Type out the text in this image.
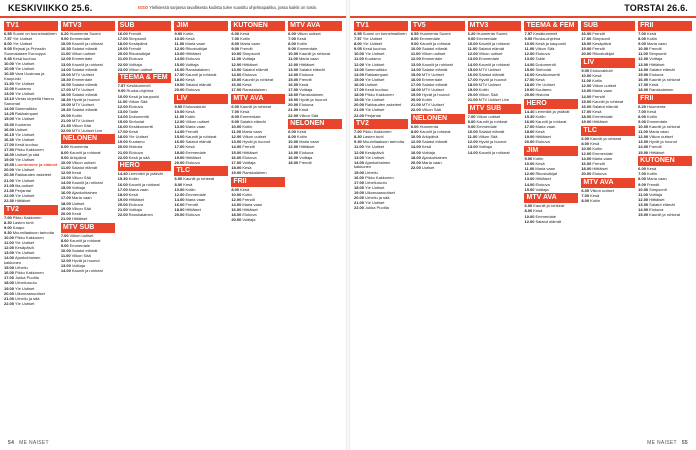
KESKIVIIKKO 25.6.	ISSO Ylellisessä sarjassa tavallisesta kodista tulee suosittu ohjelmapaikka, jossa kaikki on toisin.
TV1
6.55Suomi on tunnelmallinen
7.57Yle Uutiset
8.00Yle Uutiset
9.05Rejmai ja Prinssiin Suomalaisen Eurooppa
9.45Kesä kuohuu
10.00Yle Uutiset
10.05Yle Uutiset
10.30Vara Uusimaa ja Kaupunki
11.30Yle Uutiset
12.00Kuutamo
13.00Yle Uutiset
13.10Vieras kirjeellä Hannu Sanomat
14.00Sammalikko
14.25Rakkaimpani
15.00Yle Uutiset
15.30Kuutamo
16.00Uutiset
16.15Yle Uutiset
16.30Yle Uutiset
17.00Kesä kuohuu
17.50Pikku Kakkonen
18.30Uutiset ja sää
19.00Yle Uutiset
19.35Luontomme ja eläimet
20.00Yle Uutiset
20.30Rakkauden askeleet
21.00Yle Uutiset
21.05Ilta-uutiset
21.30Perjantai
22.00Yle Uutiset
22.30Hittiäiset
TV2
7.00Pikku Kakkonen
8.30Lasten tunti
9.00Kaapo
9.30Muumilaakson tarinoita
10.00Pikku Kakkonen
11.00Yle Uutiset
12.00Kesäpäivä
13.00Yle Uutiset
14.00Ajankohtainen kakkonen
15.00Urheilu
16.00Pikku Kakkonen
17.00Jukka Puotila
18.00Urheiluruutu
19.00Yle Uutiset
20.00Ulkomaanuutiset
21.00Urheilu ja sää
22.00Yle Uutiset
MTV3
6.20Huomenta Suomi
9.00Emmerdale
10.00Kauniit ja rohkeat
10.30Salatut elämät
11.00Viikon uutiset
12.00Emmerdale
13.00Kauniit ja rohkeat
14.00Salatut elämät
15.00MTV Uutiset
15.30Emmerdale
16.00Salatut elämät
17.00MTV Uutiset
18.00Salatut elämät
18.30Hyvät ja huonot
19.00MTV Uutiset
19.30Salatut elämät
20.00Kotiin
21.00MTV Uutiset
21.30Viikon Sää
22.00MTV Uutiset Live
NELONEN
6.00Huomenta
8.00Kauniit ja rohkeat
9.00Arkipäivä
10.00Viikon uutiset
11.00Salatut elämät
12.00Kesä
13.00Viikon Sää
14.00Kauniit ja rohkeat
15.00Voittaja
16.00Ajankohtainen
17.00Maria vaan
18.00Uutiset
19.00Viikon Sää
20.00Kesä
21.00Hittiäiset
MTV SUB
7.00Viikon uutiset
8.00Kauniit ja rohkeat
9.00Emmerdale
10.00Salatut elämät
11.00Viikon Sää
12.00Hyvät ja huonot
13.00Voittaja
14.00Kauniit ja rohkeat
SUB
16.00Frendit
17.00Simpsonit
18.00Kesäpäivä
19.00Frendit
20.00Rikostutkijat
21.00Elokuva
22.00Voittaja
23.00Viikon uutiset
TEEMA & FEM
7.57Kesäkummeli
9.00Ruoka-ohjelma
10.00Kesä ja kaupunki
11.00Viikon Sää
12.00Elokuva
13.00Taide
14.00Dokumentti
15.00Sinfoniat
16.00Kesäkonsertti
17.00Kesä
18.00Yle Uutiset
19.00Kuutamo
20.00Historia
21.00Elokuva
22.00Kesä ja sää
HERO
14.40Lemmikit ja ystävät
15.30Kotiin
16.00Kauniit ja rohkeat
17.00Maria vaan
18.00Kesä
19.00Hittiäiset
20.00Elokuva
21.00Voittaja
22.00Ranskalainen
JIM
9.00Kotiin
10.00Kesä
11.00Maria vaan
12.00Rikostutkijat
13.00Hittiäiset
14.00Elokuva
15.00Voittaja
16.00Ranskalainen
17.00Kauniit ja rohkeat
18.00Kesä
19.00Salatut elämät
20.00Elokuva
LIV
9.00Elokuvaklubi
10.00Kesä
11.00Kotiin
12.00Viikon uutiset
13.00Maria vaan
14.00Frendit
15.00Kauniit ja rohkeat
16.00Salatut elämät
17.00Kesä
18.00Emmerdale
19.00Hittiäiset
20.00Elokuva
TLC
6.00Kauniit ja rohkeat
8.00Kesä
10.00Kotiin
12.00Emmerdale
14.00Maria vaan
16.00Frendit
18.00Hittiäiset
20.00Elokuva
KUTONEN
6.00Kesä
7.00Kotiin
8.00Maria vaan
9.00Frendit
10.00Simpsonit
11.00Voittaja
12.00Hittiäiset
13.00Salatut elämät
14.00Elokuva
15.00Kauniit ja rohkeat
16.00Kesä
17.00Ranskalainen
MTV AVA
6.00Kauniit ja rohkeat
7.00Kesä
8.00Emmerdale
9.00Salatut elämät
10.00Kotiin
11.00Maria vaan
12.00Viikon uutiset
13.00Hyvät ja huonot
14.00Frendit
15.00Hittiäiset
16.00Elokuva
17.00Voittaja
18.00Kesä
19.00Ranskalainen
FRII
8.00Kesä
10.00Kotiin
12.00Frendit
14.00Maria vaan
16.00Hittiäiset
18.00Elokuva
20.00Voittaja
MTV AVA
6.00Viikon uutiset
7.00Kesä
8.00Kotiin
9.00Emmerdale
10.00Kauniit ja rohkeat
11.00Maria vaan
12.00Hittiäiset
13.00Salatut elämät
14.00Elokuva
15.00Frendit
16.00Kesä
17.00Voittaja
18.00Ranskalainen
19.00Hyvät ja huonot
20.00Elokuva
21.00Kesä
22.00Viikon Sää
NELONEN
6.00Kesä
8.00Kotiin
10.00Maria vaan
12.00Hittiäiset
14.00Elokuva
16.00Voittaja
18.00Frendit
54 ME NAISET
TORSTAI 26.6.
TV1
6.55Suomi on tunnelmallinen
7.57Yle Uutiset
8.00Yle Uutiset
9.05Kesä kuohuu
10.00Yle Uutiset
11.00Kuutamo
12.00Yle Uutiset
13.00Sammalikko
14.00Rakkaimpani
15.00Yle Uutiset
16.00Uutiset
17.00Kesä kuohuu
18.00Pikku Kakkonen
19.00Yle Uutiset
20.00Rakkauden askeleet
21.00Yle Uutiset
22.00Perjantai
TV2
7.00Pikku Kakkonen
8.30Lasten tunti
9.30Muumilaakson tarinoita
11.00Yle Uutiset
12.00Kesäpäivä
13.00Yle Uutiset
14.00Ajankohtainen kakkonen
15.00Urheilu
16.00Pikku Kakkonen
17.00Urheiluruutu
18.00Yle Uutiset
19.00Ulkomaanuutiset
20.00Urheilu ja sää
21.00Yle Uutiset
22.00Jukka Puotila
TV5
6.55Huomenta Suomi
8.00Emmerdale
9.00Kauniit ja rohkeat
10.00Salatut elämät
11.00Viikon uutiset
12.00Emmerdale
13.00Kauniit ja rohkeat
14.00Salatut elämät
15.00MTV Uutiset
16.00Emmerdale
17.00Salatut elämät
18.00MTV Uutiset
19.00Hyvät ja huonot
20.00Kotiin
21.00MTV Uutiset
22.00Viikon Sää
NELONEN
6.00Huomenta
8.00Kauniit ja rohkeat
10.00Arkipäivä
12.00Salatut elämät
14.00Kesä
16.00Voittaja
18.00Ajankohtainen
20.00Maria vaan
22.00Uutiset
MTV3
6.20Huomenta Suomi
9.00Emmerdale
10.00Kauniit ja rohkeat
11.00Salatut elämät
12.00Viikon uutiset
13.00Emmerdale
14.00Kauniit ja rohkeat
15.00MTV Uutiset
16.00Salatut elämät
17.00Hyvät ja huonot
18.00MTV Uutiset
19.00Kotiin
20.00Viikon Sää
21.00MTV Uutiset Live
MTV SUB
7.00Viikon uutiset
8.00Kauniit ja rohkeat
9.00Emmerdale
10.00Salatut elämät
11.00Viikon Sää
12.00Hyvät ja huonot
13.00Voittaja
14.00Kauniit ja rohkeat
TEEMA & FEM
7.57Kesäkummeli
9.00Ruoka-ohjelma
10.00Kesä ja kaupunki
11.00Viikon Sää
12.00Elokuva
13.00Taide
14.00Dokumentti
15.00Sinfoniat
16.00Kesäkonsertti
17.00Kesä
18.00Yle Uutiset
19.00Kuutamo
20.00Historia
HERO
14.40Lemmikit ja ystävät
15.30Kotiin
16.00Kauniit ja rohkeat
17.00Maria vaan
18.00Kesä
19.00Hittiäiset
20.00Elokuva
JIM
9.00Kotiin
10.00Kesä
11.00Maria vaan
12.00Rikostutkijat
13.00Hittiäiset
14.00Elokuva
15.00Voittaja
MTV AVA
6.00Kauniit ja rohkeat
8.00Kesä
10.00Emmerdale
12.00Salatut elämät
SUB
16.00Frendit
17.00Simpsonit
18.00Kesäpäivä
19.00Frendit
20.00Rikostutkijat
LIV
9.00Elokuvaklubi
10.00Kesä
11.00Kotiin
12.00Viikon uutiset
13.00Maria vaan
14.00Frendit
15.00Kauniit ja rohkeat
16.00Salatut elämät
17.00Kesä
18.00Emmerdale
19.00Hittiäiset
TLC
6.00Kauniit ja rohkeat
8.00Kesä
10.00Kotiin
12.00Emmerdale
14.00Maria vaan
16.00Frendit
18.00Hittiäiset
20.00Elokuva
MTV AVA
6.00Viikon uutiset
7.00Kesä
8.00Kotiin
FRII
7.00Kesä
8.00Kotiin
9.00Maria vaan
10.00Frendit
11.00Simpsonit
12.00Voittaja
13.00Hittiäiset
14.00Salatut elämät
15.00Elokuva
16.00Kauniit ja rohkeat
17.00Kesä
18.00Ranskalainen
FRII
6.20Huomenta
7.00Kesä
8.00Kotiin
9.00Emmerdale
10.00Kauniit ja rohkeat
11.00Maria vaan
12.00Viikon uutiset
13.00Hyvät ja huonot
14.00Frendit
15.00Hittiäiset
KUTONEN
6.00Kesä
7.00Kotiin
8.00Maria vaan
9.00Frendit
10.00Simpsonit
11.00Voittaja
12.00Hittiäiset
13.00Salatut elämät
14.00Elokuva
15.00Kauniit ja rohkeat
ME NAISET 55
